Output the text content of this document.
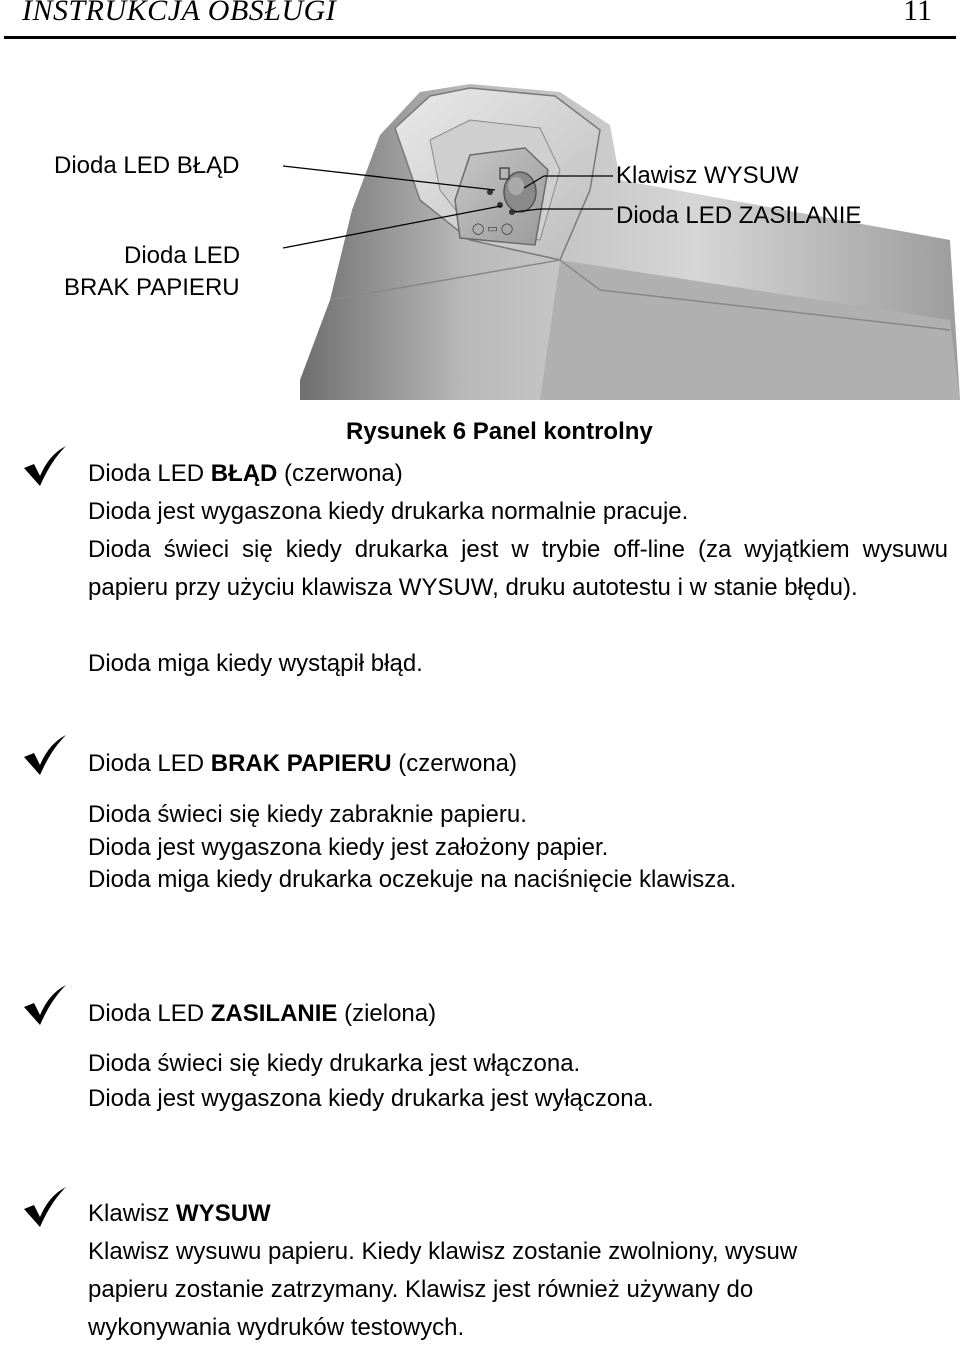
INSTRUKCJA OBSŁUGI	11
◯ ▭ ◯
Dioda LED BŁĄD
Dioda LED
BRAK PAPIERU
Klawisz WYSUW
Dioda LED ZASILANIE
Rysunek 6 Panel kontrolny
Dioda LED BŁĄD (czerwona)
Dioda jest wygaszona kiedy drukarka normalnie pracuje.
Dioda świeci się kiedy drukarka jest w trybie off-line (za wyjątkiem wysuwu papieru przy użyciu klawisza WYSUW, druku autotestu i w stanie błędu).
Dioda miga kiedy wystąpił błąd.
Dioda LED BRAK PAPIERU (czerwona)
Dioda świeci się kiedy zabraknie papieru.
Dioda jest wygaszona kiedy jest założony papier.
Dioda miga kiedy drukarka oczekuje na naciśnięcie klawisza.
Dioda LED ZASILANIE (zielona)
Dioda świeci się kiedy drukarka jest włączona.
Dioda jest wygaszona kiedy drukarka jest wyłączona.
Klawisz WYSUW
Klawisz wysuwu papieru. Kiedy klawisz zostanie zwolniony, wysuw
papieru zostanie zatrzymany. Klawisz jest również używany do
wykonywania wydruków testowych.
